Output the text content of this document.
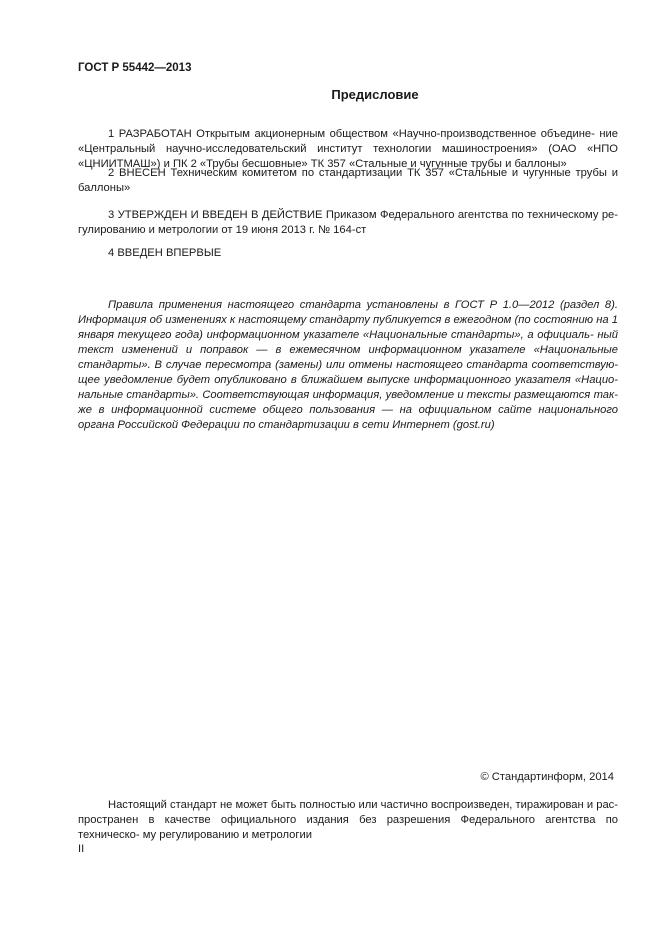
ГОСТ Р 55442—2013
Предисловие

1 РАЗРАБОТАН Открытым акционерным обществом «Научно-производственное объедине- ние «Центральный научно-исследовательский институт технологии машиностроения» (ОАО «НПО «ЦНИИТМАШ») и ПК 2 «Трубы бесшовные» ТК 357 «Стальные и чугунные трубы и баллоны»

2 ВНЕСЕН Техническим комитетом по стандартизации ТК 357 «Стальные и чугунные трубы и баллоны»

3 УТВЕРЖДЕН И ВВЕДЕН В ДЕЙСТВИЕ Приказом Федерального агентства по техническому ре- гулированию и метрологии от 19 июня 2013 г. № 164-ст

4 ВВЕДЕН ВПЕРВЫЕ

Правила применения настоящего стандарта установлены в ГОСТ Р 1.0—2012 (раздел 8). Информация об изменениях к настоящему стандарту публикуется в ежегодном (по состоянию на 1 января текущего года) информационном указателе «Национальные стандарты», а официаль- ный текст изменений и поправок — в ежемесячном информационном указателе «Национальные стандарты». В случае пересмотра (замены) или отмены настоящего стандарта соответствую- щее уведомление будет опубликовано в ближайшем выпуске информационного указателя «Нацио- нальные стандарты». Соответствующая информация, уведомление и тексты размещаются так- же в информационной системе общего пользования — на официальном сайте национального органа Российской Федерации по стандартизации в сети Интернет (gost.ru)

© Стандартинформ, 2014

Настоящий стандарт не может быть полностью или частично воспроизведен, тиражирован и рас- пространен в качестве официального издания без разрешения Федерального агентства по техническо- му регулированию и метрологии

II
